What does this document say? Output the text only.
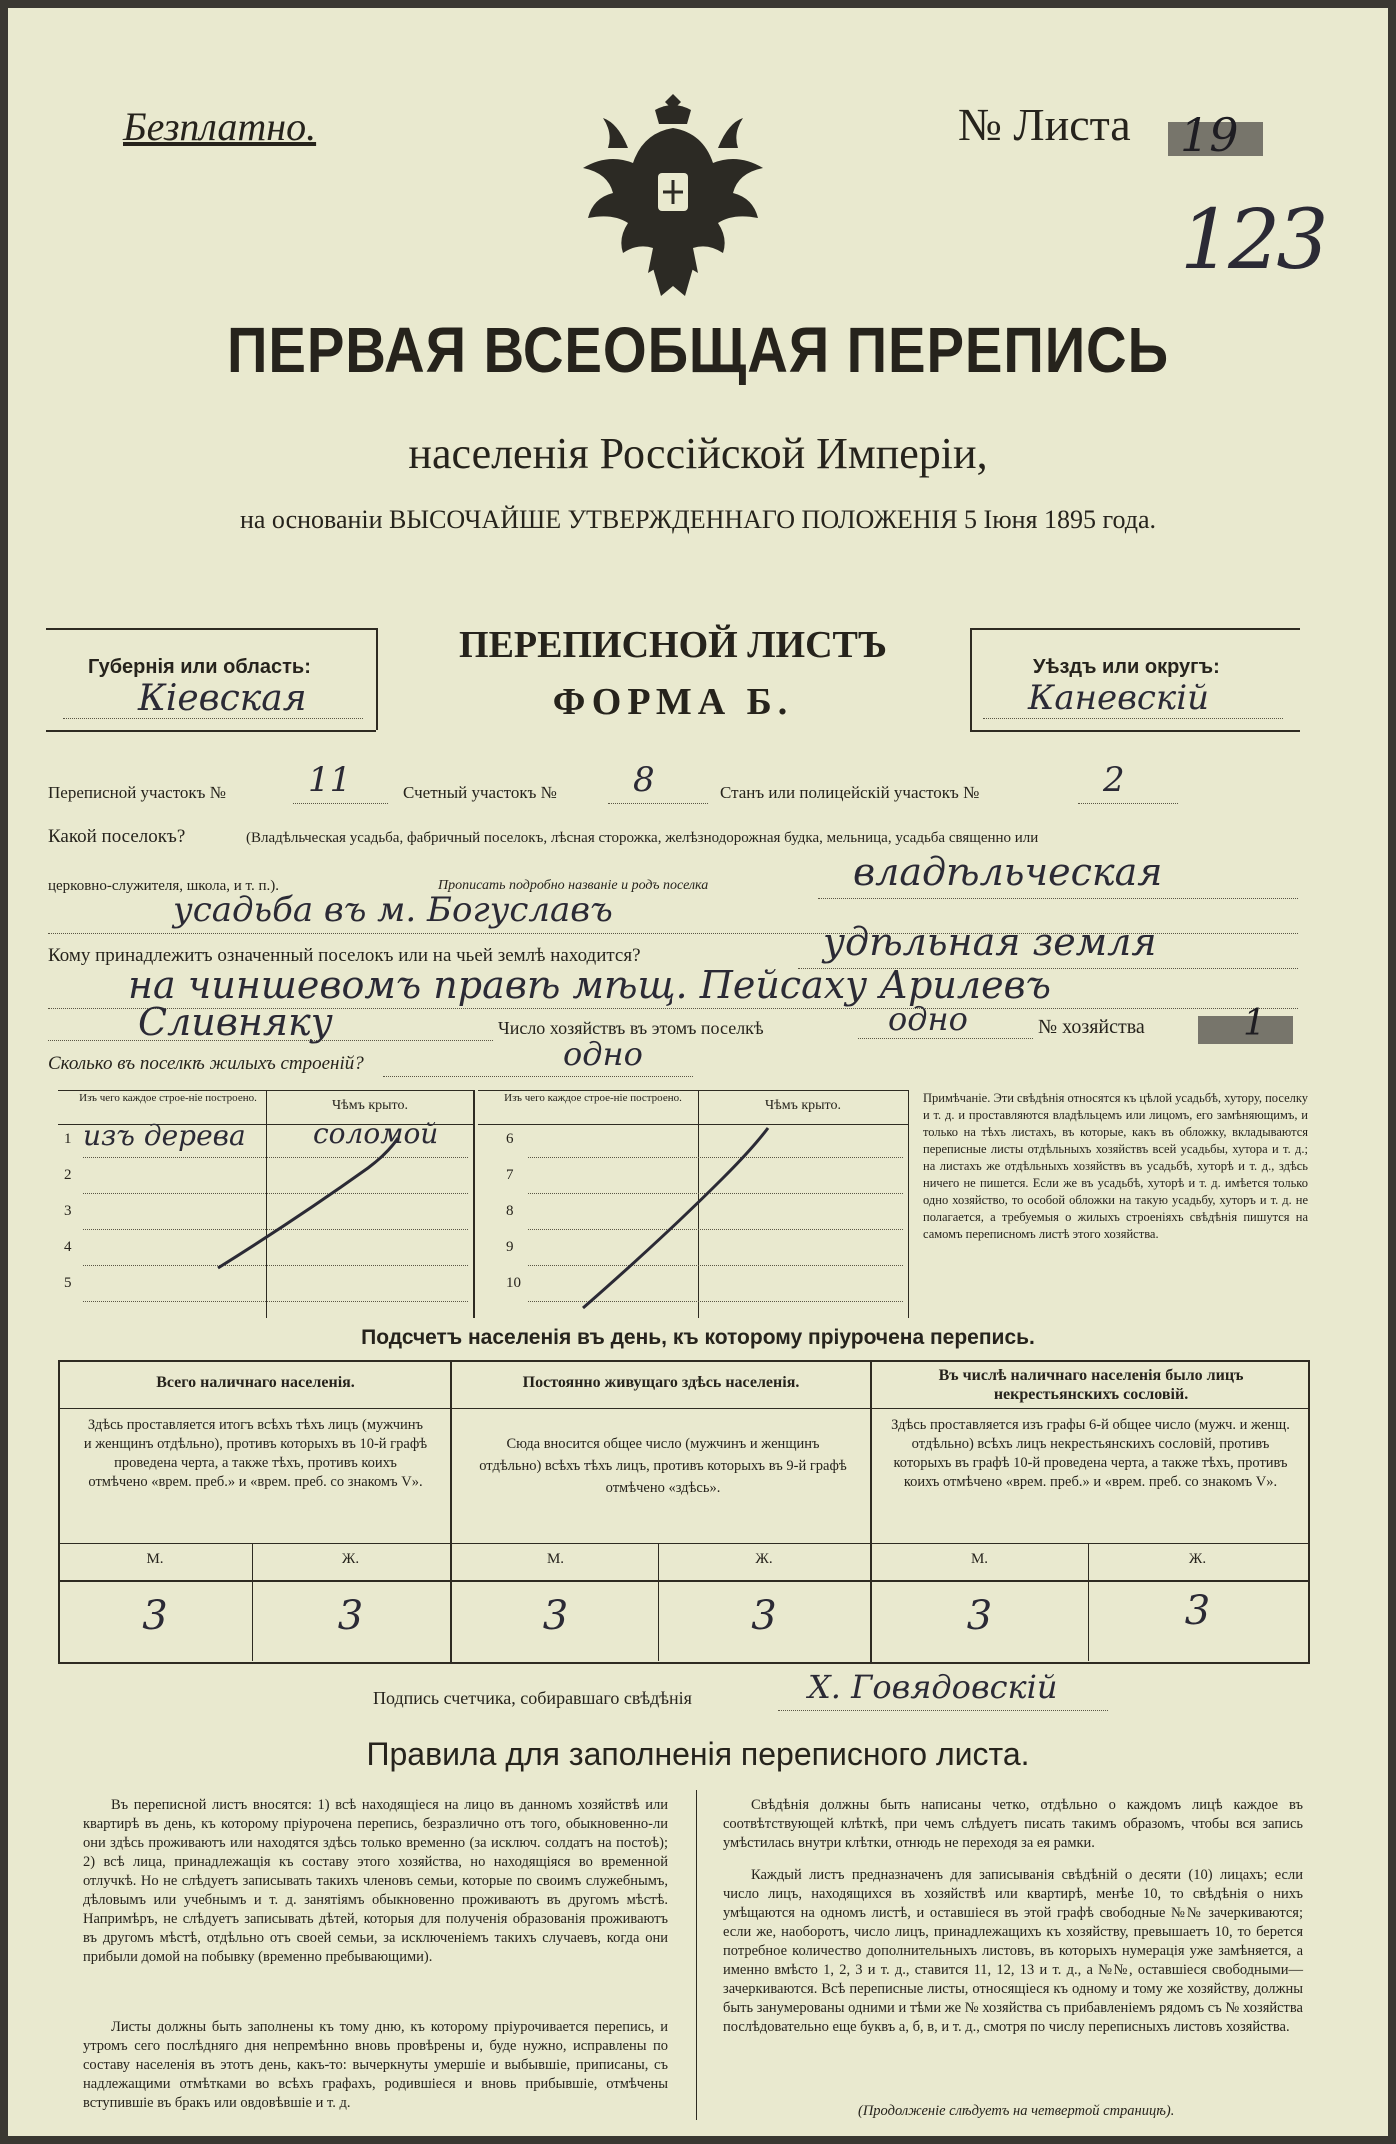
Безплатно.	№ Листа 19
123
ПЕРВАЯ ВСЕОБЩАЯ ПЕРЕПИСЬ
населенія Россійской Имперіи,
на основаніи ВЫСОЧАЙШЕ УТВЕРЖДЕННАГО ПОЛОЖЕНІЯ 5 Іюня 1895 года.
Губернія или область:
Кіевская
ПЕРЕПИСНОЙ ЛИСТЪ
ФОРМА Б.
Уѣздъ или округъ:
Каневскій
Переписной участокъ № 11	Счетный участокъ № 8	Станъ или полицейскій участокъ №	2
Какой поселокъ?	(Владѣльческая усадьба, фабричный поселокъ, лѣсная сторожка, желѣзнодорожная будка, мельница, усадьба священно или
церковно-служителя, школа, и т. п.).	Прописать подробно названіе и родъ поселка	владѣльческая
усадьба въ м. Богуславъ
Кому принадлежитъ означенный поселокъ или на чьей землѣ находится?	удѣльная земля
на чиншевомъ правѣ мѣщ. Пейсаху Арилевъ
Сливняку	Число хозяйствъ въ этомъ поселкѣ	одно	№ хозяйства	1
Сколько въ поселкѣ жилыхъ строеній?	одно
Изъ чего каждое строе-ніе построено.	Чѣмъ крыто.
1 изъ дерева соломой
2
3
4
5
Изъ чего каждое строе-ніе построено.	Чѣмъ крыто.
6
7
8
9
10
Примѣчаніе. Эти свѣдѣнія относятся къ цѣлой усадьбѣ, хутору, поселку и т. д. и проставляются владѣльцемъ или лицомъ, его замѣняющимъ, и только на тѣхъ листахъ, въ которые, какъ въ обложку, вкладываются переписные листы отдѣльныхъ хозяйствъ всей усадьбы, хутора и т. д.; на листахъ же отдѣльныхъ хозяйствъ въ усадьбѣ, хуторѣ и т. д., здѣсь ничего не пишется. Если же въ усадьбѣ, хуторѣ и т. д. имѣется только одно хозяйство, то особой обложки на такую усадьбу, хуторъ и т. д. не полагается, а требуемыя о жилыхъ строеніяхъ свѣдѣнія пишутся на самомъ переписномъ листѣ этого хозяйства.
Подсчетъ населенія въ день, къ которому пріурочена перепись.
Всего наличнаго населенія.	Постоянно живущаго здѣсь населенія.	Въ числѣ наличнаго населенія было лицъ некрестьянскихъ сословій.
Здѣсь проставляется итогъ всѣхъ тѣхъ лицъ (мужчинъ и женщинъ отдѣльно), противъ которыхъ въ 10-й графѣ проведена черта, а также тѣхъ, противъ коихъ отмѣчено «врем. преб.» и «врем. преб. со знакомъ V».
Сюда вносится общее число (мужчинъ и женщинъ отдѣльно) всѣхъ тѣхъ лицъ, противъ которыхъ въ 9-й графѣ отмѣчено «здѣсь».
Здѣсь проставляется изъ графы 6-й общее число (мужч. и женщ. отдѣльно) всѣхъ лицъ некрестьянскихъ сословій, противъ которыхъ въ графѣ 10-й проведена черта, а также тѣхъ, противъ коихъ отмѣчено «врем. преб.» и «врем. преб. со знакомъ V».
М.	Ж.	М.	Ж.	М.	Ж.
3	3	3	3	3	3
Подпись счетчика, собиравшаго свѣдѣнія	Х. Говядовскій
Правила для заполненія переписного листа.
Въ переписной листъ вносятся: 1) всѣ находящіеся на лицо въ данномъ хозяйствѣ или квартирѣ въ день, къ которому пріурочена перепись, безразлично отъ того, обыкновенно-ли они здѣсь проживаютъ или находятся здѣсь только временно (за исключ. солдатъ на постоѣ); 2) всѣ лица, принадлежащія къ составу этого хозяйства, но находящіяся во временной отлучкѣ. Но не слѣдуетъ записывать такихъ членовъ семьи, которые по своимъ служебнымъ, дѣловымъ или учебнымъ и т. д. занятіямъ обыкновенно проживаютъ въ другомъ мѣстѣ. Напримѣръ, не слѣдуетъ записывать дѣтей, которыя для полученія образованія проживаютъ въ другомъ мѣстѣ, отдѣльно отъ своей семьи, за исключеніемъ такихъ случаевъ, когда они прибыли домой на побывку (временно пребывающими).
Листы должны быть заполнены къ тому дню, къ которому пріурочивается перепись, и утромъ сего послѣдняго дня непремѣнно вновь провѣрены и, буде нужно, исправлены по составу населенія въ этотъ день, какъ-то: вычеркнуты умершіе и выбывшіе, приписаны, съ надлежащими отмѣтками во всѣхъ графахъ, родившіеся и вновь прибывшіе, отмѣчены вступившіе въ бракъ или овдовѣвшіе и т. д.
Свѣдѣнія должны быть написаны четко, отдѣльно о каждомъ лицѣ каждое въ соотвѣтствующей клѣткѣ, при чемъ слѣдуетъ писать такимъ образомъ, чтобы вся запись умѣстилась внутри клѣтки, отнюдь не переходя за ея рамки.
Каждый листъ предназначенъ для записыванія свѣдѣній о десяти (10) лицахъ; если число лицъ, находящихся въ хозяйствѣ или квартирѣ, менѣе 10, то свѣдѣнія о нихъ умѣщаются на одномъ листѣ, и оставшіеся въ этой графѣ свободные №№ зачеркиваются; если же, наоборотъ, число лицъ, принадлежащихъ къ хозяйству, превышаетъ 10, то берется потребное количество дополнительныхъ листовъ, въ которыхъ нумерація уже замѣняется, а именно вмѣсто 1, 2, 3 и т. д., ставится 11, 12, 13 и т. д., а №№, оставшіеся свободными—зачеркиваются. Всѣ переписные листы, относящіеся къ одному и тому же хозяйству, должны быть занумерованы одними и тѣми же № хозяйства съ прибавленіемъ рядомъ съ № хозяйства послѣдовательно еще буквъ а, б, в, и т. д., смотря по числу переписныхъ листовъ хозяйства.
(Продолженіе слѣдуетъ на четвертой страницѣ).
